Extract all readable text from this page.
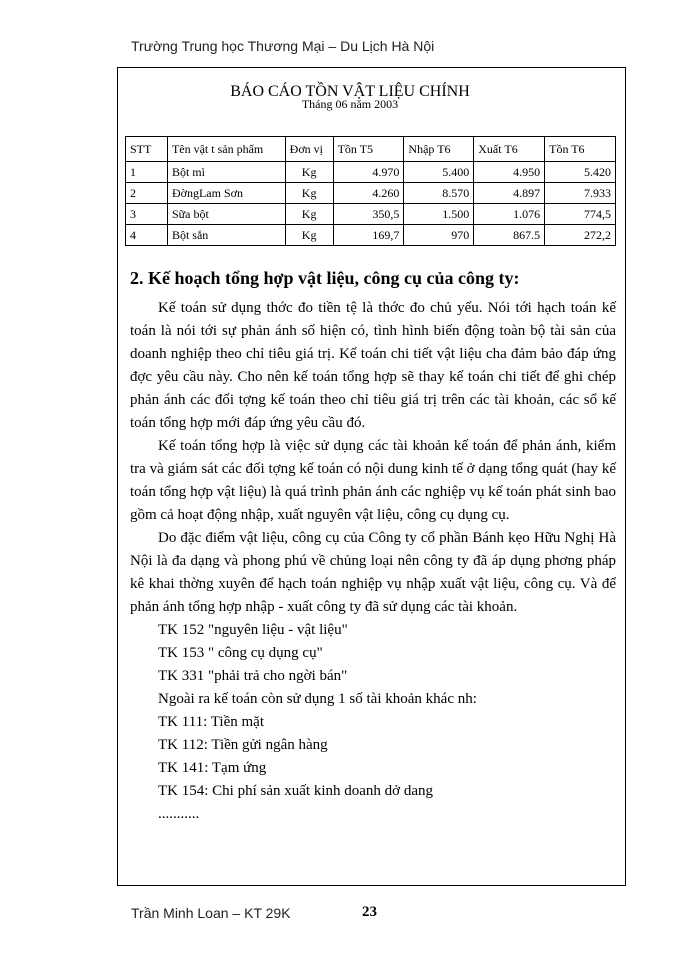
Trường Trung học Thương Mại – Du Lịch Hà Nội
BÁO CÁO TỒN VẬT LIỆU CHÍNH
Tháng 06 năm 2003
STT	Tên vật t sản phẩm	Đơn vị	Tồn T5	Nhập T6	Xuất T6	Tồn T6
1	Bột mì	Kg	4.970	5.400	4.950	5.420
2	ĐờngLam Sơn	Kg	4.260	8.570	4.897	7.933
3	Sữa bột	Kg	350,5	1.500	1.076	774,5
4	Bột sắn	Kg	169,7	970	867.5	272,2
2. Kế hoạch tổng hợp vật liệu, công cụ của công ty:

Kế toán sử dụng thớc đo tiền tệ là thớc đo chủ yếu. Nói tới hạch toán kế toán là nói tới sự phản ánh số hiện có, tình hình biến động toàn bộ tài sản của doanh nghiệp theo chỉ tiêu giá trị. Kế toán chi tiết vật liệu cha đảm bảo đáp ứng đợc yêu cầu này. Cho nên kế toán tổng hợp sẽ thay kế toán chi tiết để ghi chép phản ánh các đối tợng kế toán theo chỉ tiêu giá trị trên các tài khoản, các sổ kế toán tổng hợp mới đáp ứng yêu cầu đó.

Kế toán tổng hợp là việc sử dụng các tài khoản kế toán để phản ánh, kiểm tra và giám sát các đối tợng kế toán có nội dung kinh tế ở dạng tổng quát (hay kế toán tổng hợp vật liệu) là quá trình phản ánh các nghiệp vụ kế toán phát sinh bao gồm cả hoạt động nhập, xuất nguyên vật liệu, công cụ dụng cụ.

Do đặc điểm vật liệu, công cụ của Công ty cổ phần Bánh kẹo Hữu Nghị Hà Nội là đa dạng và phong phú về chủng loại nên công ty đã áp dụng phơng pháp kê khai thờng xuyên để hạch toán nghiệp vụ nhập xuất vật liệu, công cụ. Và để phản ánh tổng hợp nhập - xuất công ty đã sử dụng các tài khoản.

TK 152 "nguyên liệu - vật liệu"
TK 153 " công cụ dụng cụ"
TK 331 "phải trả cho ngời bán"
Ngoài ra kế toán còn sử dụng 1 số tài khoản khác nh:
TK 111: Tiền mặt
TK 112: Tiền gửi ngân hàng
TK 141: Tạm ứng
TK 154: Chi phí sản xuất kinh doanh dở dang
...........
Trần Minh Loan – KT 29K	23
